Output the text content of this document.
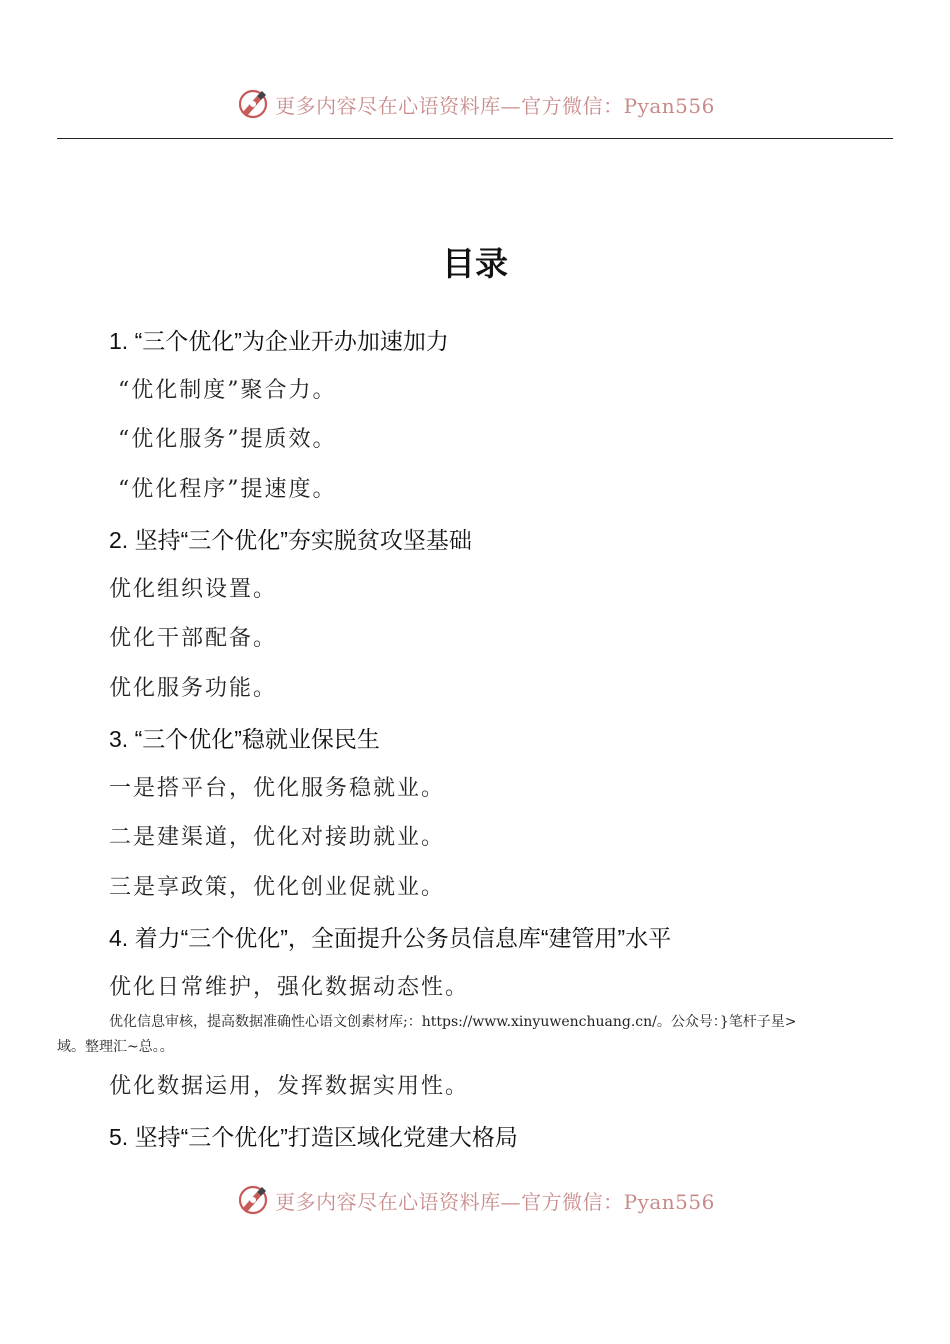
更多内容尽在心语资料库—官方微信：Pyan556
目录
1. “三个优化”为企业开办加速加力
“优化制度”聚合力。
“优化服务”提质效。
“优化程序”提速度。
2. 坚持“三个优化”夯实脱贫攻坚基础
优化组织设置。
优化干部配备。
优化服务功能。
3. “三个优化”稳就业保民生
一是搭平台，优化服务稳就业。
二是建渠道，优化对接助就业。
三是享政策，优化创业促就业。
4. 着力“三个优化”，全面提升公务员信息库“建管用”水平
优化日常维护，强化数据动态性。
优化信息审核，提高数据准确性心语文创素材库;：https://www.xinyuwenchuang.cn/。公众号：}笔杆子星>
域。整理汇~总。。
优化数据运用，发挥数据实用性。
5. 坚持“三个优化”打造区域化党建大格局
更多内容尽在心语资料库—官方微信：Pyan556
